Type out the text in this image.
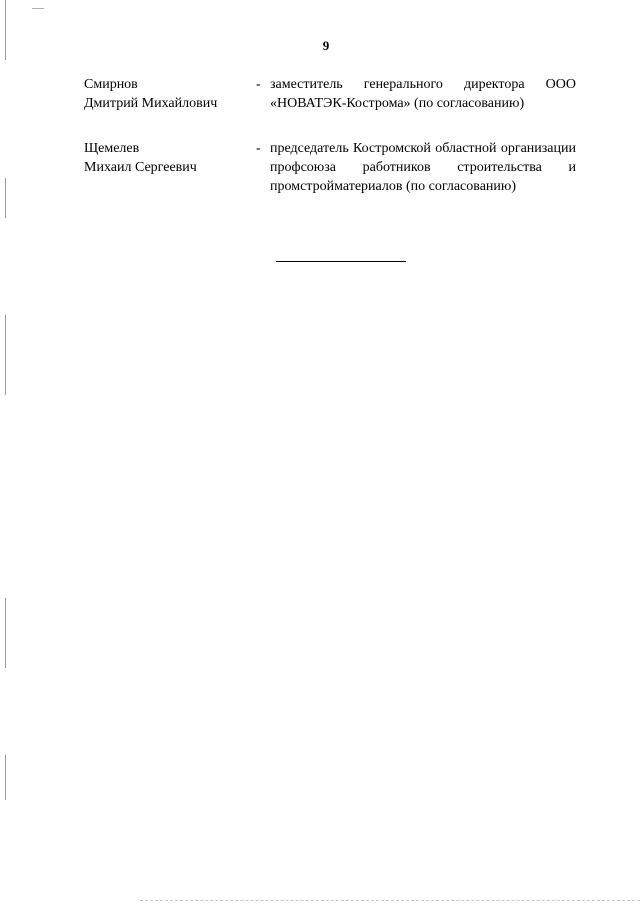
9
Смирнов
Дмитрий Михайлович
- заместитель генерального директора ООО «НОВАТЭК-Кострома» (по согласованию)
Щемелев
Михаил Сергеевич
- председатель Костромской областной организации профсоюза работников строительства и промстройматериалов (по согласованию)
